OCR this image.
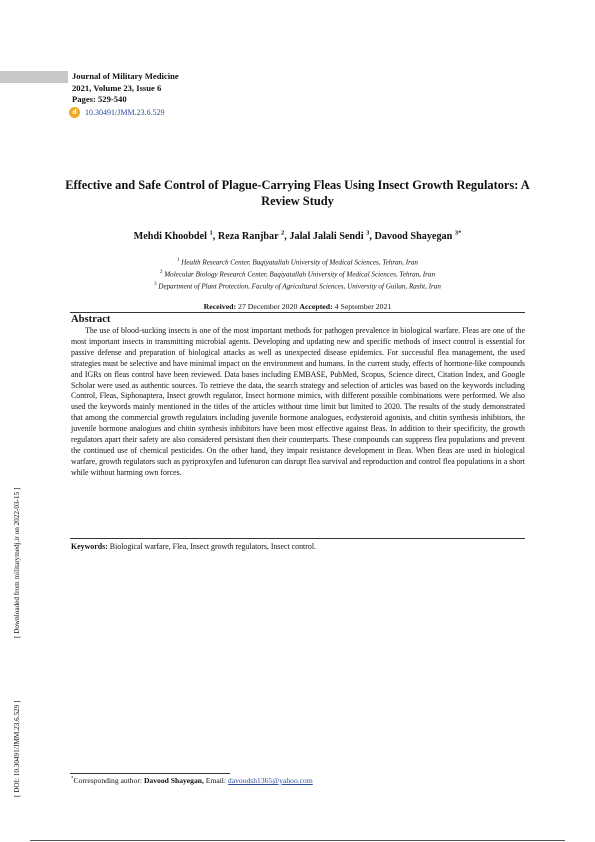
Journal of Military Medicine
2021, Volume 23, Issue 6
Pages: 529-540
d	10.30491/JMM.23.6.529
Effective and Safe Control of Plague-Carrying Fleas Using Insect Growth Regulators: A Review Study
Mehdi Khoobdel $^1$, Reza Ranjbar $^2$, Jalal Jalali Sendi $^3$, Davood Shayegan $^{3*}$
$^1$ Health Research Center, Baqiyatallah University of Medical Sciences, Tehran, Iran
$^2$ Molecular Biology Research Center, Baqiyatallah University of Medical Sciences, Tehran, Iran
$^3$ Department of Plant Protection, Faculty of Agricultural Sciences, University of Guilan, Rasht, Iran
Received: 27 December 2020 Accepted: 4 September 2021
Abstract

The use of blood-sucking insects is one of the most important methods for pathogen prevalence in biological warfare. Fleas are one of the most important insects in transmitting microbial agents. Developing and updating new and specific methods of insect control is essential for passive defense and preparation of biological attacks as well as unexpected disease epidemics. For successful flea management, the used strategies must be selective and have minimal impact on the environment and humans. In the current study, effects of hormone-like compounds and IGRs on fleas control have been reviewed. Data bases including EMBASE, PubMed, Scopus, Science direct, Citation Index, and Google Scholar were used as authentic sources. To retrieve the data, the search strategy and selection of articles was based on the keywords including Control, Fleas, Siphonaptera, Insect growth regulator, Insect hormone mimics, with different possible combinations were performed. We also used the keywords mainly mentioned in the titles of the articles without time limit but limited to 2020. The results of the study demonstrated that among the commercial growth regulators including juvenile hormone analogues, ecdysteroid agonists, and chitin synthesis inhibitors, the juvenile hormone analogues and chitin synthesis inhibitors have been most effective against fleas. In addition to their specificity, the growth regulators apart their safety are also considered persistant then their counterparts. These compounds can suppress flea populations and prevent the continued use of chemical pesticides. On the other hand, they impair resistance development in fleas. When fleas are used in biological warfare, growth regulators such as pyriproxyfen and lufenuron can disrupt flea survival and reproduction and control flea populations in a short while without harming own forces.

Keywords: Biological warfare, Flea, Insect growth regulators, Insect control.
*Corresponding author: Davood Shayegan, Email: davoodsh1365@yahoo.com
[ Downloaded from militarymedj.ir on 2022-03-15 ]
[ DOI: 10.30491/JMM.23.6.529 ]
